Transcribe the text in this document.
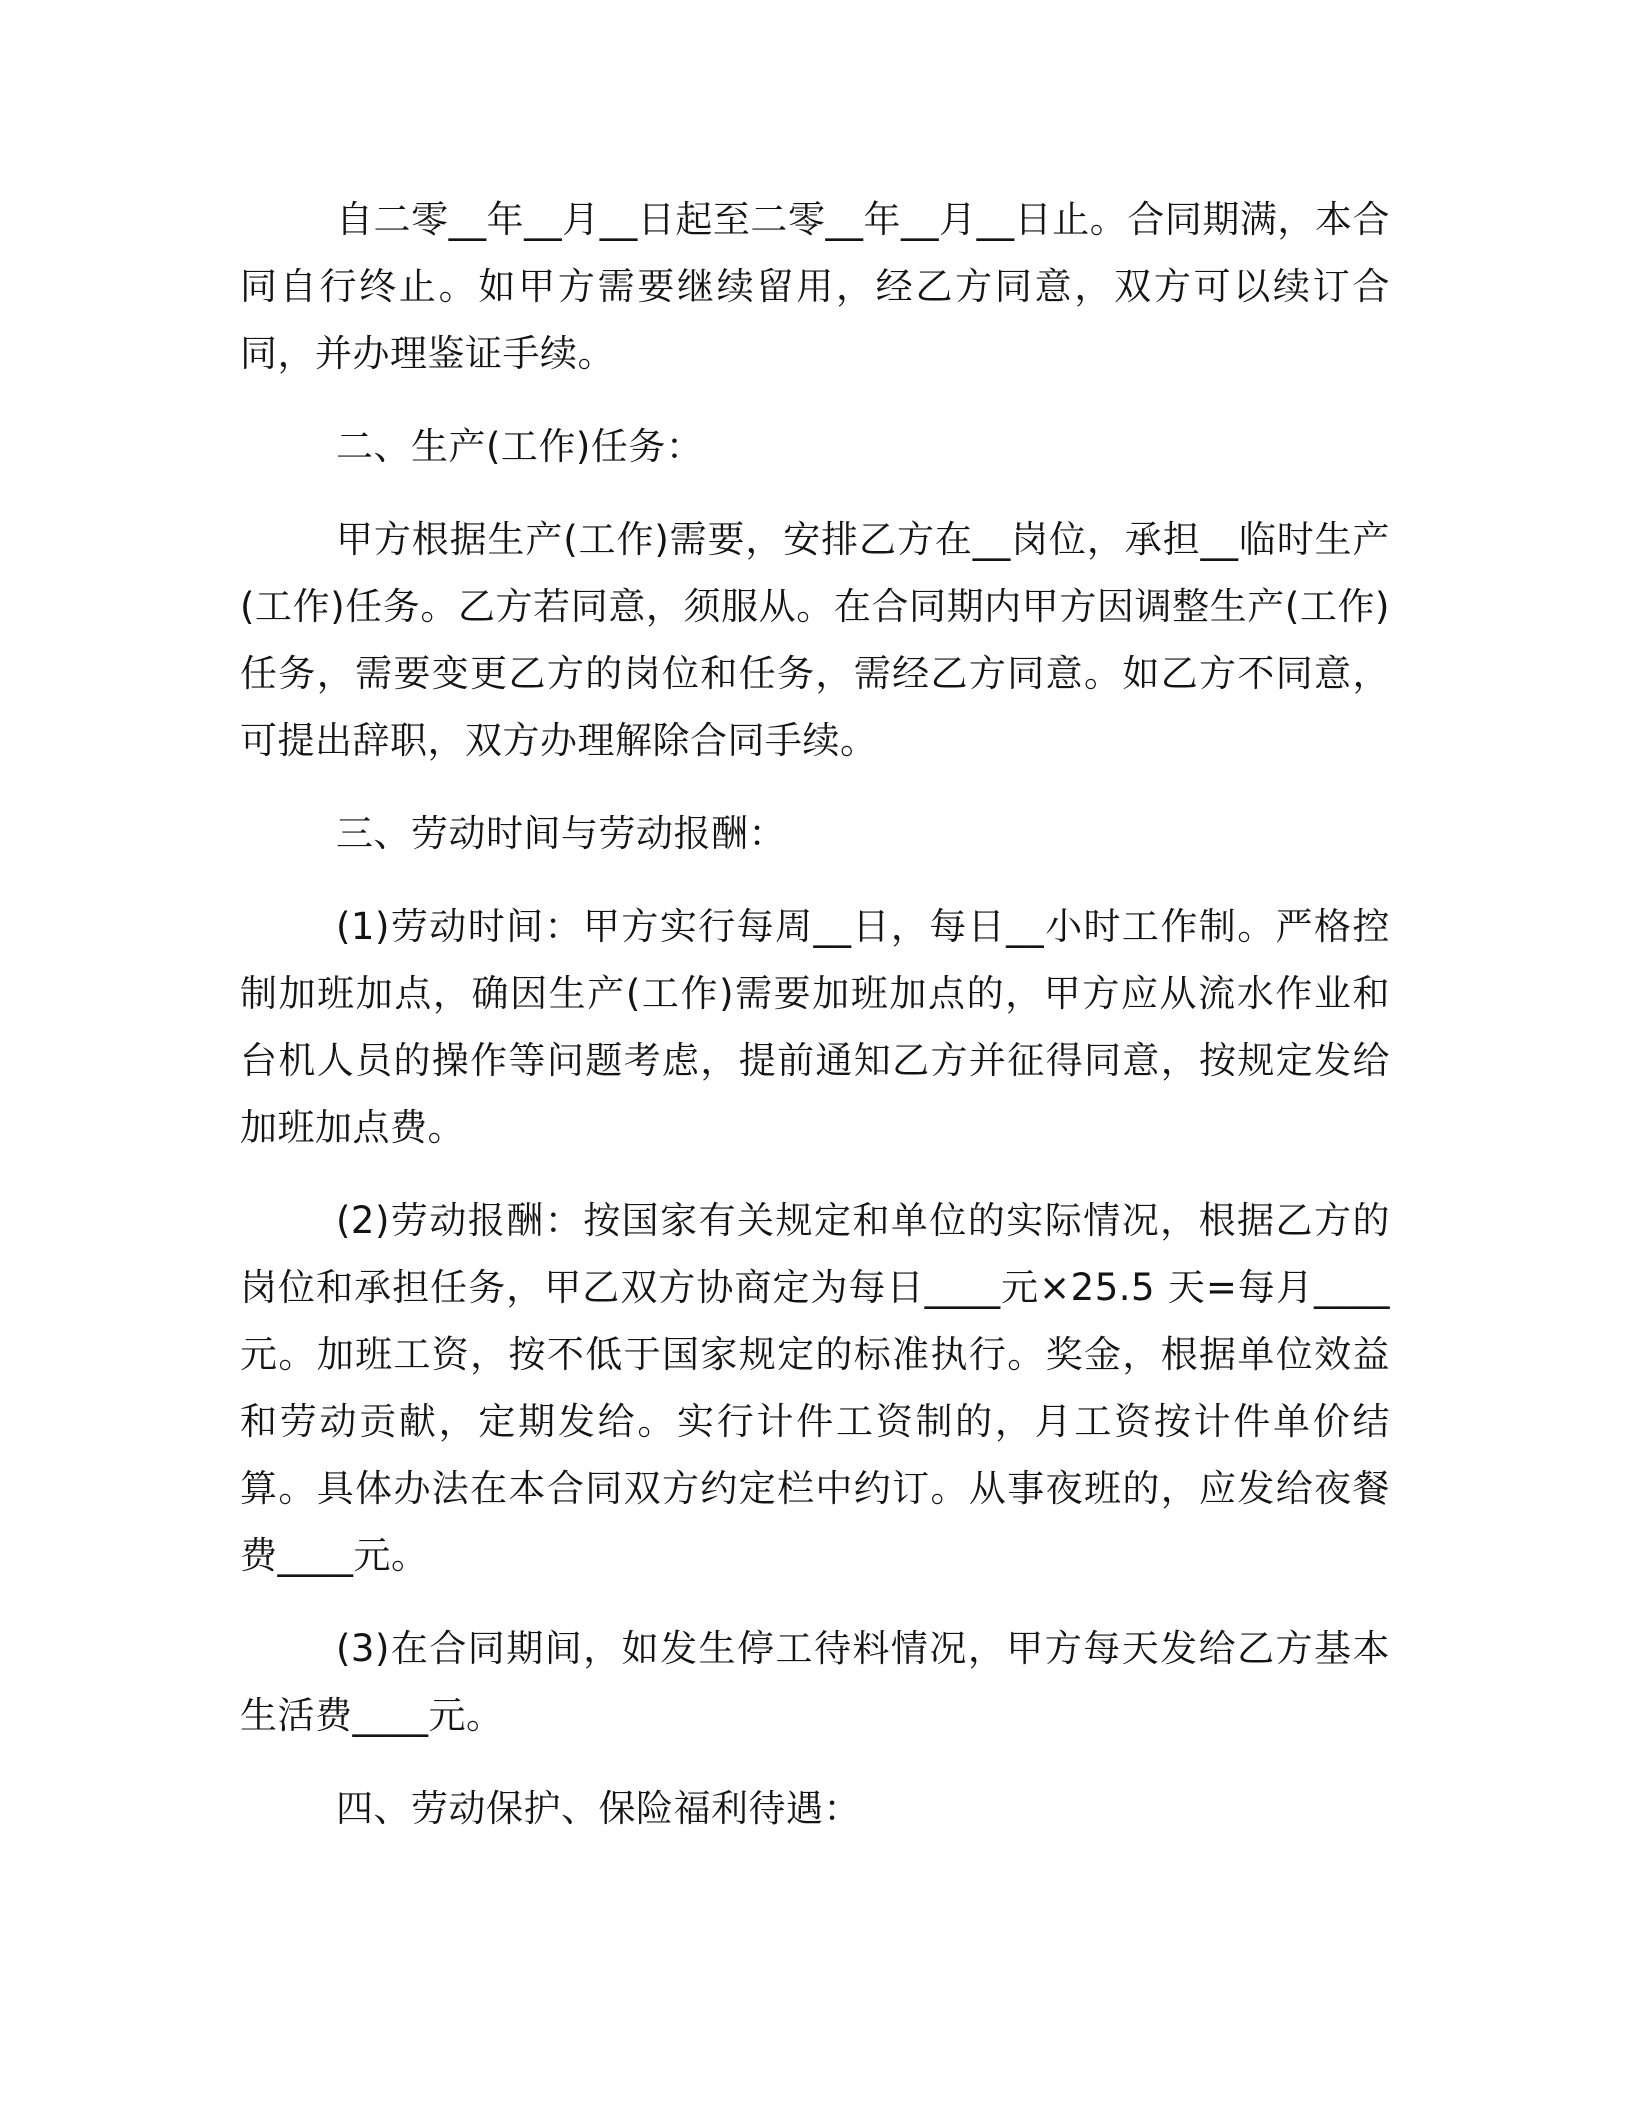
自二零__年__月__日起至二零__年__月__日止。合同期满，本合同自行终止。如甲方需要继续留用，经乙方同意，双方可以续订合同，并办理鉴证手续。

二、生产(工作)任务：

甲方根据生产(工作)需要，安排乙方在__岗位，承担__临时生产(工作)任务。乙方若同意，须服从。在合同期内甲方因调整生产(工作)任务，需要变更乙方的岗位和任务，需经乙方同意。如乙方不同意，可提出辞职，双方办理解除合同手续。

三、劳动时间与劳动报酬：

(1)劳动时间：甲方实行每周__日，每日__小时工作制。严格控制加班加点，确因生产(工作)需要加班加点的，甲方应从流水作业和台机人员的操作等问题考虑，提前通知乙方并征得同意，按规定发给加班加点费。

(2)劳动报酬：按国家有关规定和单位的实际情况，根据乙方的岗位和承担任务，甲乙双方协商定为每日____元×25.5 天=每月____元。加班工资，按不低于国家规定的标准执行。奖金，根据单位效益和劳动贡献，定期发给。实行计件工资制的，月工资按计件单价结算。具体办法在本合同双方约定栏中约订。从事夜班的，应发给夜餐费____元。

(3)在合同期间，如发生停工待料情况，甲方每天发给乙方基本生活费____元。

四、劳动保护、保险福利待遇：
